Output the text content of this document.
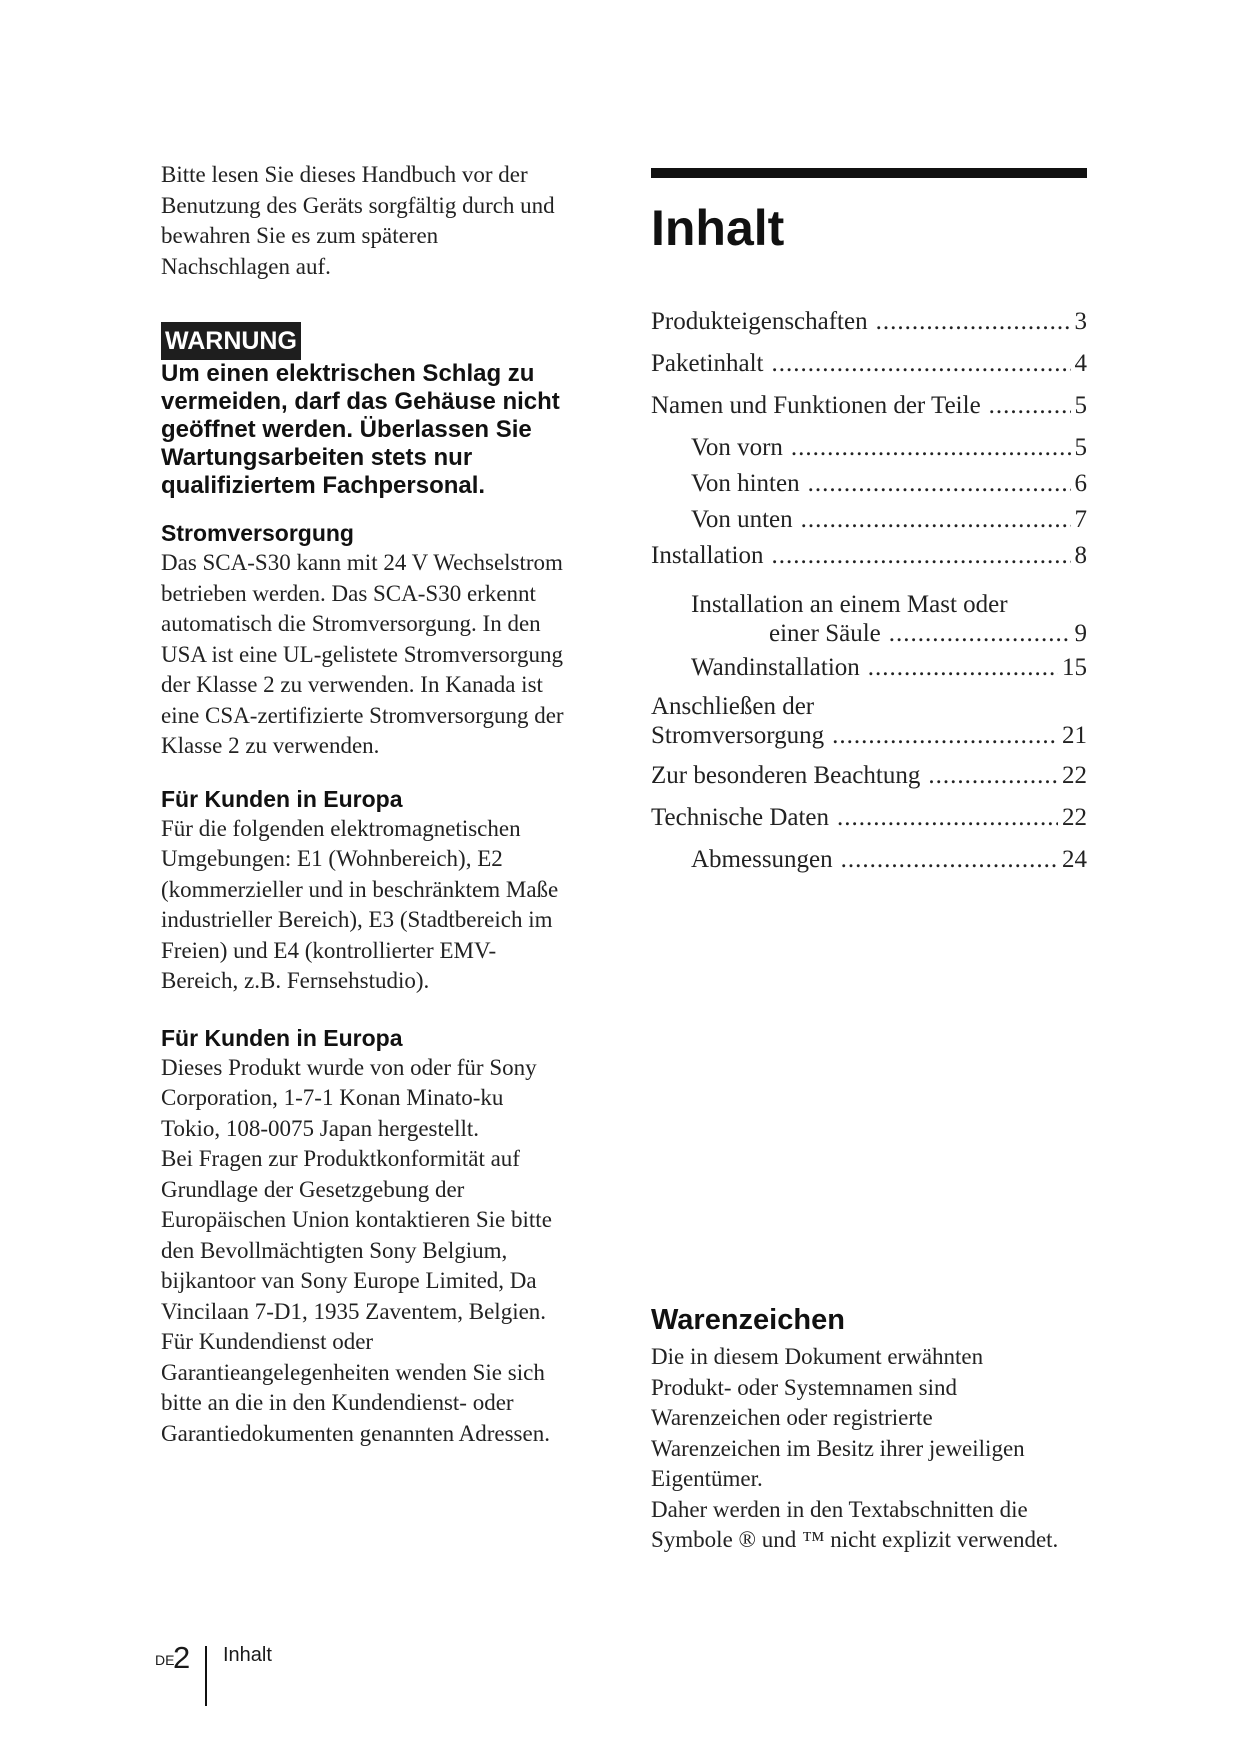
Bitte lesen Sie dieses Handbuch vor der
Benutzung des Geräts sorgfältig durch und
bewahren Sie es zum späteren
Nachschlagen auf.

WARNUNG

Um einen elektrischen Schlag zu
vermeiden, darf das Gehäuse nicht
geöffnet werden. Überlassen Sie
Wartungsarbeiten stets nur
qualifiziertem Fachpersonal.

Stromversorgung

Das SCA-S30 kann mit 24 V Wechselstrom
betrieben werden. Das SCA-S30 erkennt
automatisch die Stromversorgung. In den
USA ist eine UL-gelistete Stromversorgung
der Klasse 2 zu verwenden. In Kanada ist
eine CSA-zertifizierte Stromversorgung der
Klasse 2 zu verwenden.

Für Kunden in Europa

Für die folgenden elektromagnetischen
Umgebungen: E1 (Wohnbereich), E2
(kommerzieller und in beschränktem Maße
industrieller Bereich), E3 (Stadtbereich im
Freien) und E4 (kontrollierter EMV-
Bereich, z.B. Fernsehstudio).

Für Kunden in Europa

Dieses Produkt wurde von oder für Sony
Corporation, 1-7-1 Konan Minato-ku
Tokio, 108-0075 Japan hergestellt.
Bei Fragen zur Produktkonformität auf
Grundlage der Gesetzgebung der
Europäischen Union kontaktieren Sie bitte
den Bevollmächtigten Sony Belgium,
bijkantoor van Sony Europe Limited, Da
Vincilaan 7-D1, 1935 Zaventem, Belgien.
Für Kundendienst oder
Garantieangelegenheiten wenden Sie sich
bitte an die in den Kundendienst- oder
Garantiedokumenten genannten Adressen.

Inhalt
Produkteigenschaften .....	3
Paketinhalt .....	4
Namen und Funktionen der Teile .....	5
Von vorn .....	5
Von hinten .....	6
Von unten .....	7
Installation .....	8
Installation an einem Mast oder
einer Säule .....	9
Wandinstallation .....	15
Anschließen der
Stromversorgung .....	21
Zur besonderen Beachtung .....	22
Technische Daten .....	22
Abmessungen .....	24
Warenzeichen

Die in diesem Dokument erwähnten
Produkt- oder Systemnamen sind
Warenzeichen oder registrierte
Warenzeichen im Besitz ihrer jeweiligen
Eigentümer.
Daher werden in den Textabschnitten die
Symbole ® und ™ nicht explizit verwendet.

DE
2 Inhalt
